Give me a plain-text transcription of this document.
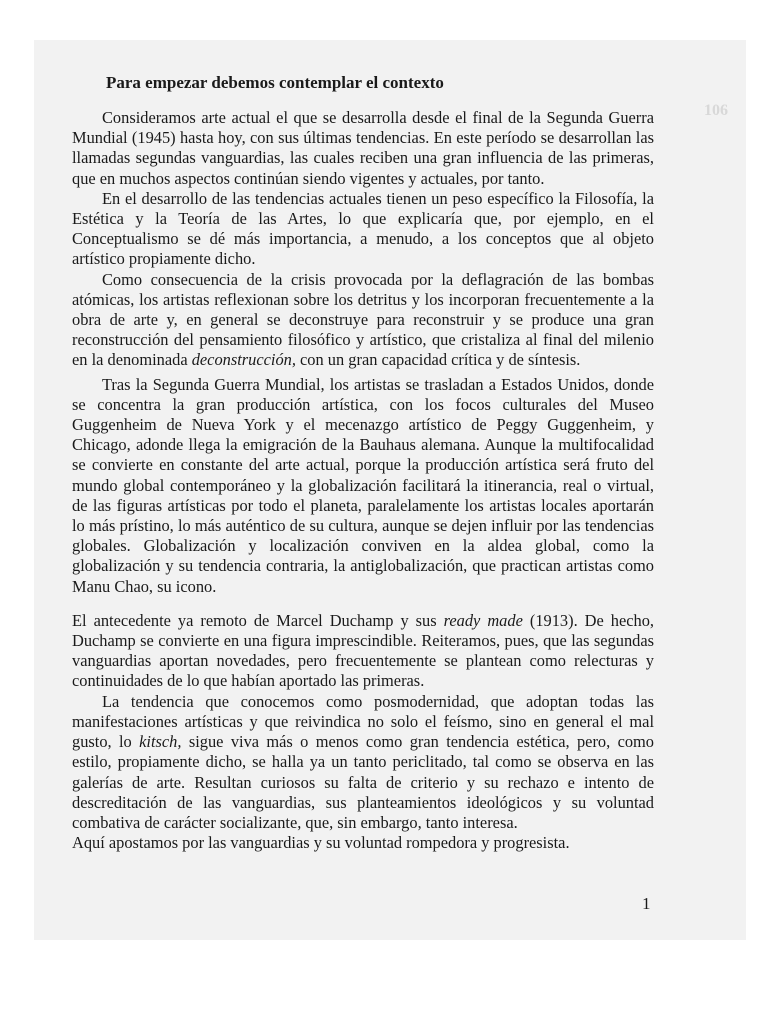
106
Para empezar debemos contemplar el contexto

Consideramos arte actual el que se desarrolla desde el final de la Segunda Guerra Mundial (1945) hasta hoy, con sus últimas tendencias. En este período se desarrollan las llamadas segundas vanguardias, las cuales reciben una gran influencia de las primeras, que en muchos aspectos continúan siendo vigentes y actuales, por tanto.

En el desarrollo de las tendencias actuales tienen un peso específico la Filosofía, la Estética y la Teoría de las Artes, lo que explicaría que, por ejemplo, en el Conceptualismo se dé más importancia, a menudo, a los conceptos que al objeto artístico propiamente dicho.

Como consecuencia de la crisis provocada por la deflagración de las bombas atómicas, los artistas reflexionan sobre los detritus y los incorporan frecuentemente a la obra de arte y, en general se deconstruye para reconstruir y se produce una gran reconstrucción del pensamiento filosófico y artístico, que cristaliza al final del milenio en la denominada deconstrucción, con un gran capacidad crítica y de síntesis.

Tras la Segunda Guerra Mundial, los artistas se trasladan a Estados Unidos, donde se concentra la gran producción artística, con los focos culturales del Museo Guggenheim de Nueva York y el mecenazgo artístico de Peggy Guggenheim, y Chicago, adonde llega la emigración de la Bauhaus alemana. Aunque la multifocalidad se convierte en constante del arte actual, porque la producción artística será fruto del mundo global contemporáneo y la globalización facilitará la itinerancia, real o virtual, de las figuras artísticas por todo el planeta, paralelamente los artistas locales aportarán lo más prístino, lo más auténtico de su cultura, aunque se dejen influir por las tendencias globales. Globalización y localización conviven en la aldea global, como la globalización y su tendencia contraria, la antiglobalización, que practican artistas como Manu Chao, su icono.

El antecedente ya remoto de Marcel Duchamp y sus ready made (1913). De hecho, Duchamp se convierte en una figura imprescindible. Reiteramos, pues, que las segundas vanguardias aportan novedades, pero frecuentemente se plantean como relecturas y continuidades de lo que habían aportado las primeras.

La tendencia que conocemos como posmodernidad, que adoptan todas las manifestaciones artísticas y que reivindica no solo el feísmo, sino en general el mal gusto, lo kitsch, sigue viva más o menos como gran tendencia estética, pero, como estilo, propiamente dicho, se halla ya un tanto periclitado, tal como se observa en las galerías de arte. Resultan curiosos su falta de criterio y su rechazo e intento de descreditación de las vanguardias, sus planteamientos ideológicos y su voluntad combativa de carácter socializante, que, sin embargo, tanto interesa.

Aquí apostamos por las vanguardias y su voluntad rompedora y progresista.

1
